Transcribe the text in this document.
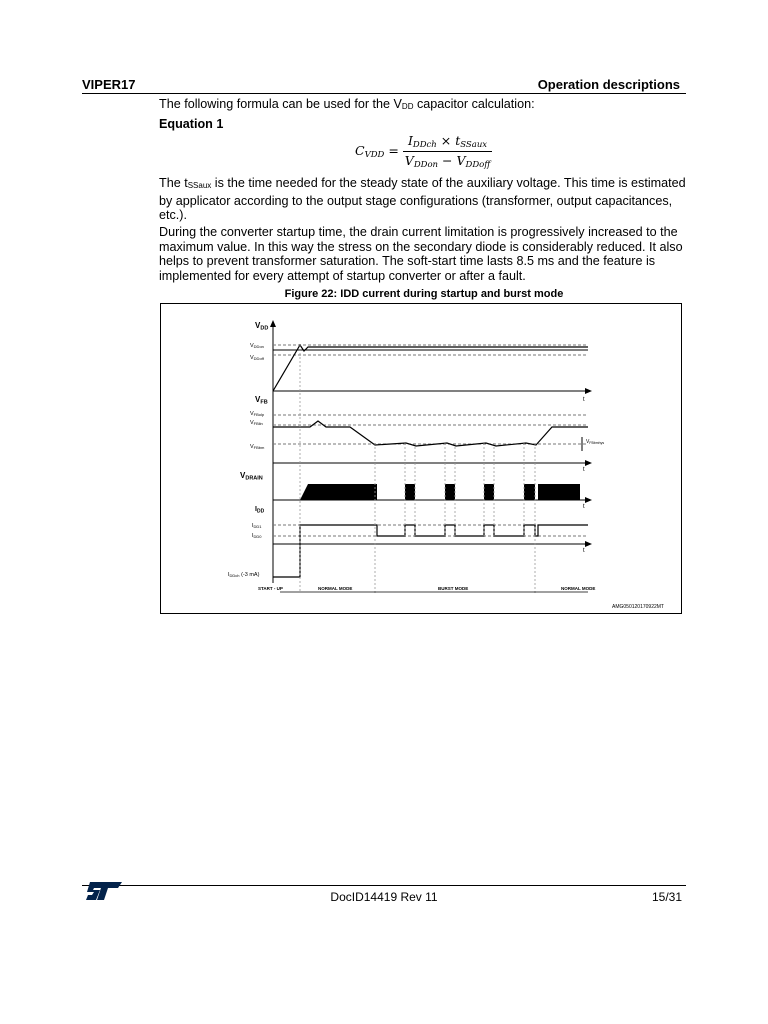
VIPER17	Operation descriptions
The following formula can be used for the $V_{DD}$ capacitor calculation:
Equation 1
CVDD = $\frac{\text{IDDch × tSSaux}}{\text{VDDon − VDDoff}}$
The $t_{SSaux}$ is the time needed for the steady state of the auxiliary voltage. This time is estimated by applicator according to the output stage configurations (transformer, output capacitances, etc.).
During the converter startup time, the drain current limitation is progressively increased to the maximum value. In this way the stress on the secondary diode is considerably reduced. It also helps to prevent transformer saturation. The soft-start time lasts 8.5 ms and the feature is implemented for every attempt of startup converter or after a fault.
Figure 22: IDD current during startup and burst mode
VDD
VDDon
VDDoff
t
VFB
VFBolp
VFBlin
VFBbm
$V_{FBbmhys}$
t
VDRAIN
t
$I_{DD}$
IDD1
IDD0
t
IDDch (-3 mA)
START - UP	NORMAL MODE	BURST MODE	NORMAL MODE
AMG050120170922MT
DocID14419 Rev 11	15/31
